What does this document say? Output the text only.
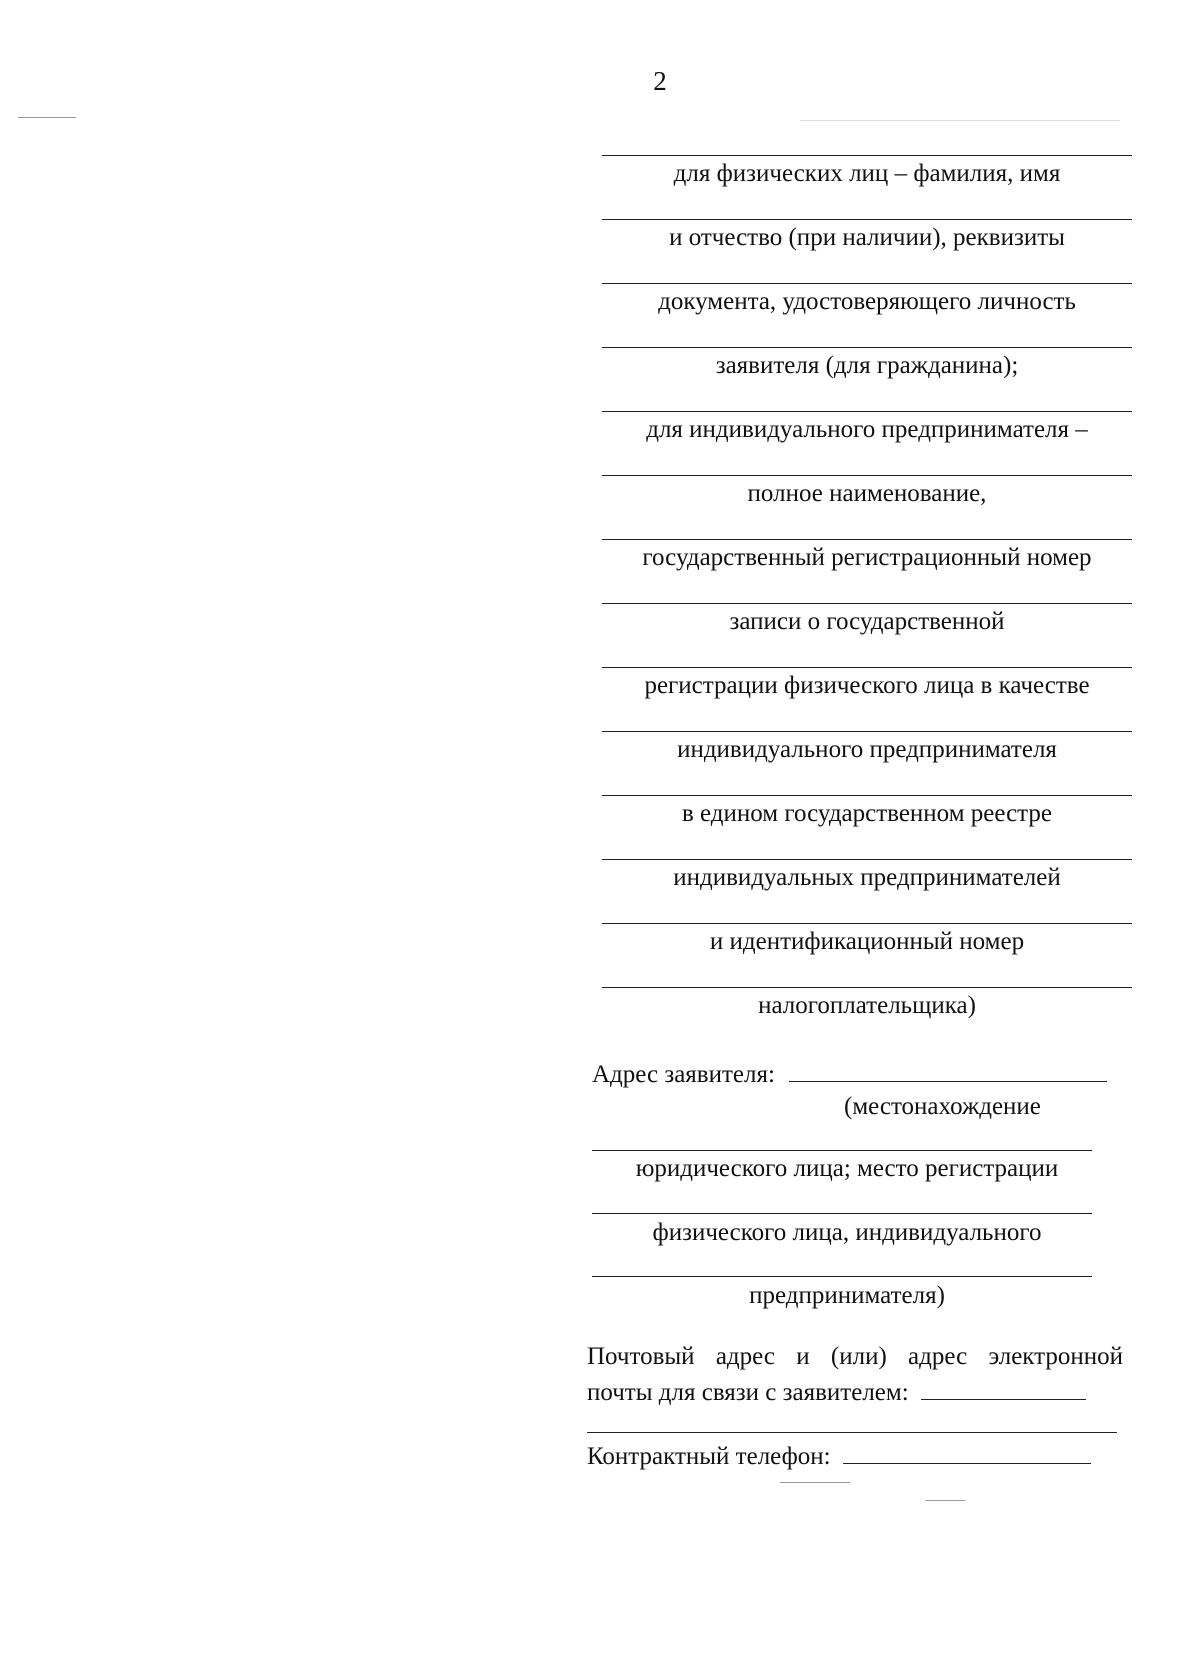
2
для физических лиц – фамилия, имя
и отчество (при наличии), реквизиты
документа, удостоверяющего личность
заявителя (для гражданина);
для индивидуального предпринимателя –
полное наименование,
государственный регистрационный номер
записи о государственной
регистрации физического лица в качестве
индивидуального предпринимателя
в едином государственном реестре
индивидуальных предпринимателей
и идентификационный номер
налогоплательщика)
Адрес заявителя:
(местонахождение
юридического лица; место регистрации
физического лица, индивидуального
предпринимателя)
Почтовый адрес и (или) адрес электронной
почты для связи с заявителем:
Контрактный телефон:
